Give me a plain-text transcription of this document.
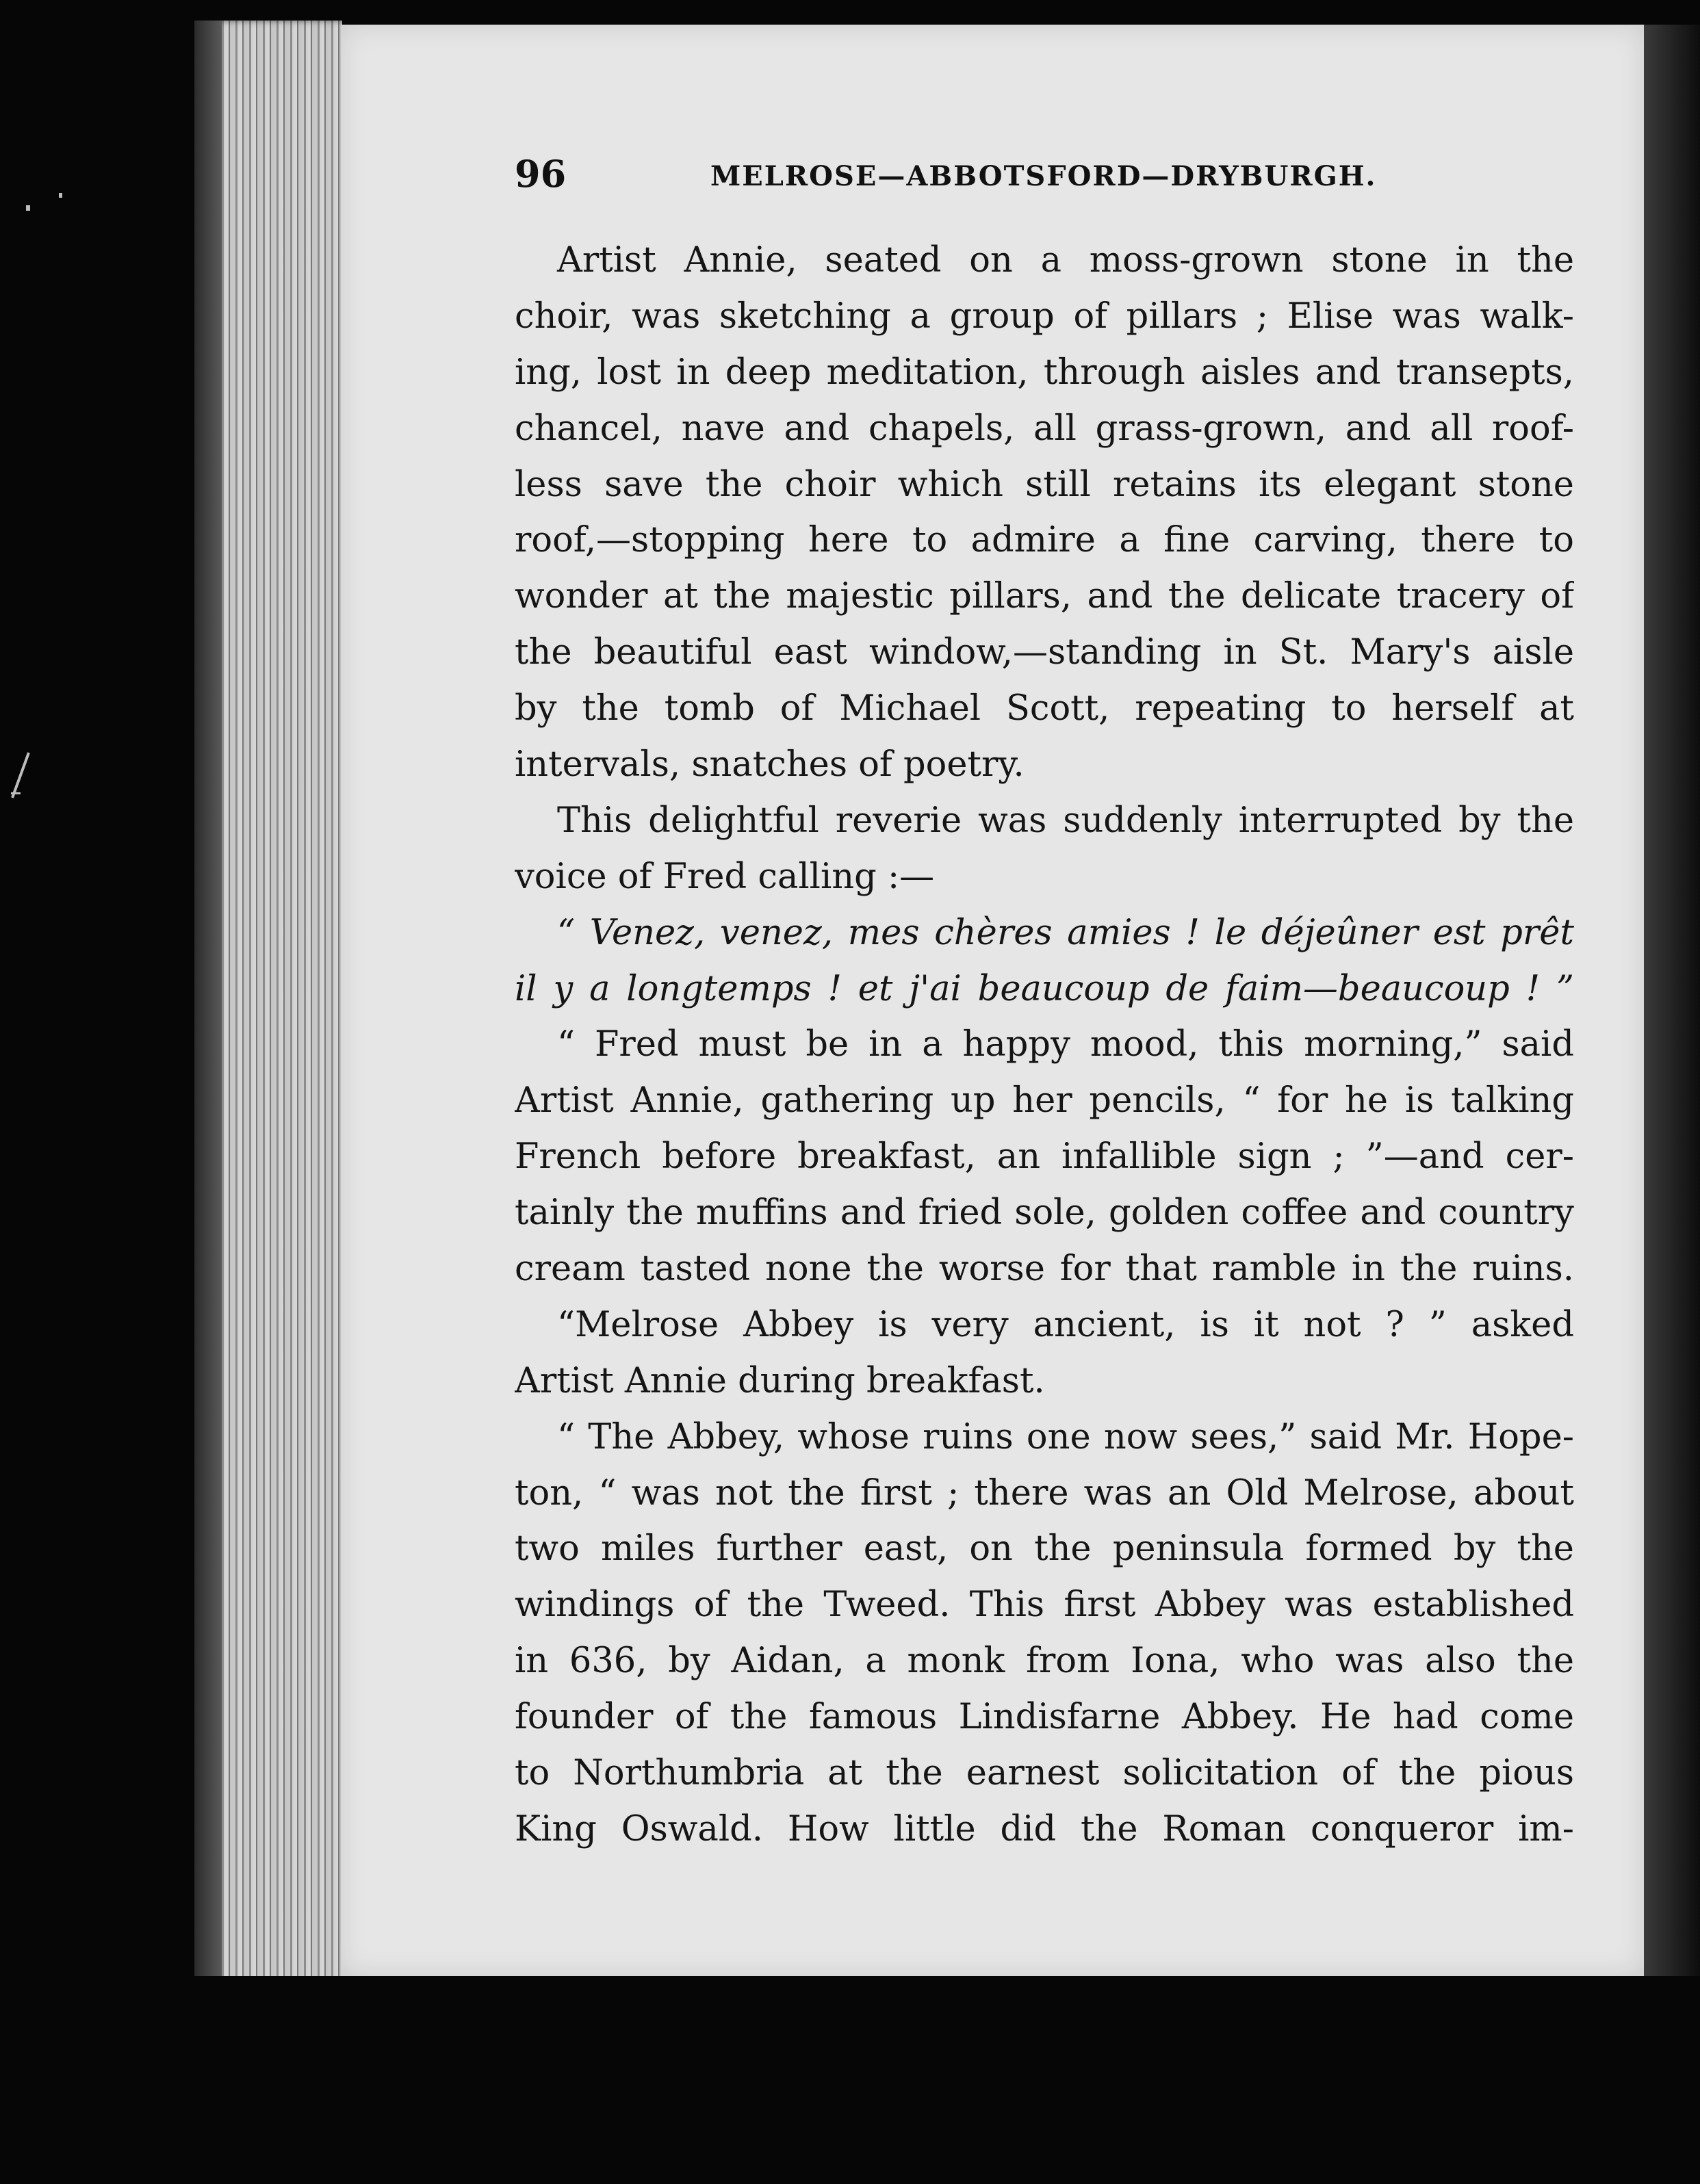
96	MELROSE—ABBOTSFORD—DRYBURGH.
Artist Annie, seated on a moss-grown stone in the
choir, was sketching a group of pillars ; Elise was walk-
ing, lost in deep meditation, through aisles and transepts,
chancel, nave and chapels, all grass-grown, and all roof-
less save the choir which still retains its elegant stone
roof,—stopping here to admire a fine carving, there to
wonder at the majestic pillars, and the delicate tracery of
the beautiful east window,—standing in St. Mary's aisle
by the tomb of Michael Scott, repeating to herself at
intervals, snatches of poetry.
This delightful reverie was suddenly interrupted by the
voice of Fred calling :—
“ Venez, venez, mes chères amies ! le déjeûner est prêt
il y a longtemps ! et j'ai beaucoup de faim—beaucoup ! ”
“ Fred must be in a happy mood, this morning,” said
Artist Annie, gathering up her pencils, “ for he is talking
French before breakfast, an infallible sign ; ”—and cer-
tainly the muffins and fried sole, golden coffee and country
cream tasted none the worse for that ramble in the ruins.
“Melrose Abbey is very ancient, is it not ? ” asked
Artist Annie during breakfast.
“ The Abbey, whose ruins one now sees,” said Mr. Hope-
ton, “ was not the first ; there was an Old Melrose, about
two miles further east, on the peninsula formed by the
windings of the Tweed. This first Abbey was established
in 636, by Aidan, a monk from Iona, who was also the
founder of the famous Lindisfarne Abbey. He had come
to Northumbria at the earnest solicitation of the pious
King Oswald. How little did the Roman conqueror im-
